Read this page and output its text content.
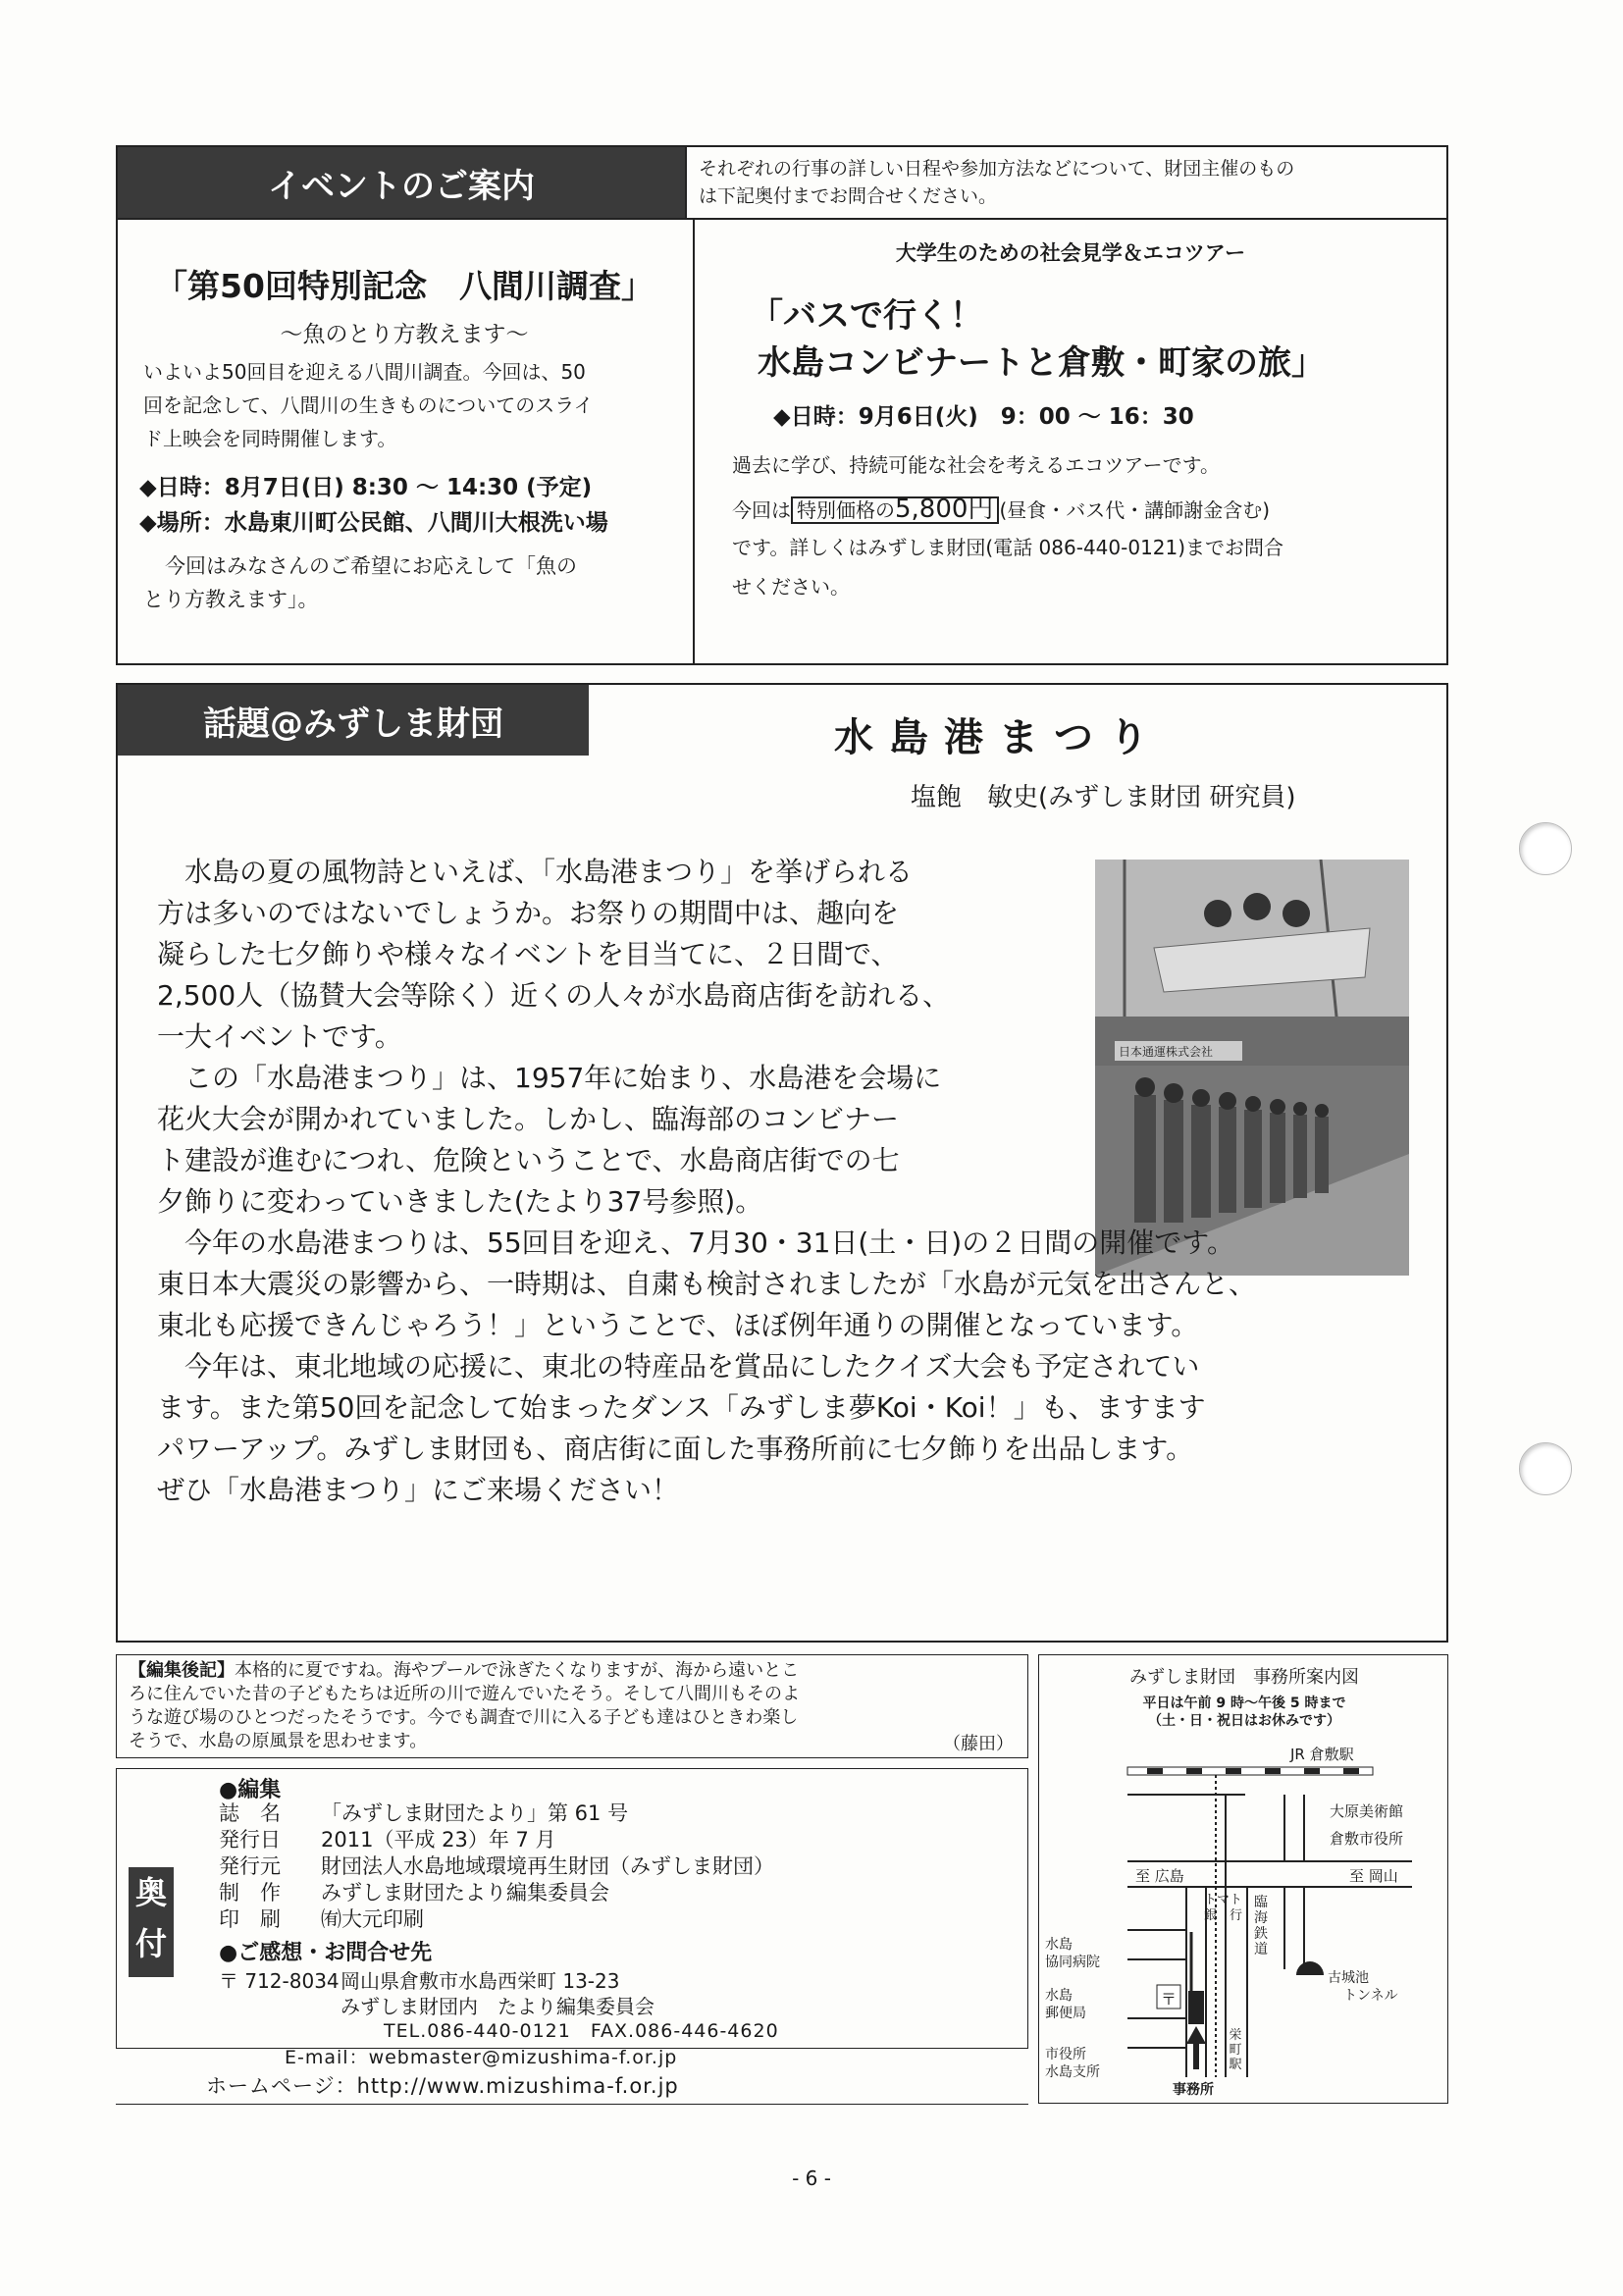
イベントのご案内	それぞれの行事の詳しい日程や参加方法などについて、財団主催のもの
は下記奥付までお問合せください。
「第50回特別記念　八間川調査」
～魚のとり方教えます～
いよいよ50回目を迎える八間川調査。今回は、50
回を記念して、八間川の生きものについてのスライ
ド上映会を同時開催します。
◆日時：8月7日(日) 8:30 ～ 14:30 (予定)
◆場所：水島東川町公民館、八間川大根洗い場
今回はみなさんのご希望にお応えして「魚の
とり方教えます」。
大学生のための社会見学＆エコツアー
「バスで行く！
水島コンビナートと倉敷・町家の旅」
◆日時：9月6日(火)　9：00 ～ 16：30
過去に学び、持続可能な社会を考えるエコツアーです。
今回は 特別価格の5,800円 (昼食・バス代・講師謝金含む)
です。詳しくはみずしま財団(電話 086-440-0121)までお問合
せください。
話題@みずしま財団	水島港まつり
塩飽　敏史(みずしま財団 研究員)
水島の夏の風物詩といえば、「水島港まつり」を挙げられる
方は多いのではないでしょうか。お祭りの期間中は、趣向を
凝らした七夕飾りや様々なイベントを目当てに、２日間で、
2,500人（協賛大会等除く）近くの人々が水島商店街を訪れる、
一大イベントです。
この「水島港まつり」は、1957年に始まり、水島港を会場に
花火大会が開かれていました。しかし、臨海部のコンビナー
ト建設が進むにつれ、危険ということで、水島商店街での七
夕飾りに変わっていきました(たより37号参照)。
日本通運株式会社
今年の水島港まつりは、55回目を迎え、7月30・31日(土・日)の２日間の開催です。
東日本大震災の影響から、一時期は、自粛も検討されましたが「水島が元気を出さんと、
東北も応援できんじゃろう！」ということで、ほぼ例年通りの開催となっています。
今年は、東北地域の応援に、東北の特産品を賞品にしたクイズ大会も予定されてい
ます。また第50回を記念して始まったダンス「みずしま夢Koi・Koi！」も、ますます
パワーアップ。みずしま財団も、商店街に面した事務所前に七夕飾りを出品します。
ぜひ「水島港まつり」にご来場ください！
【編集後記】本格的に夏ですね。海やプールで泳ぎたくなりますが、海から遠いとこ
ろに住んでいた昔の子どもたちは近所の川で遊んでいたそう。そして八間川もそのよ
うな遊び場のひとつだったそうです。今でも調査で川に入る子ども達はひときわ楽し
そうで、水島の原風景を思わせます。	（藤田）
奥
付
●編集
誌　名 「みずしま財団たより」第 61 号
発行日 2011（平成 23）年 7 月
発行元 財団法人水島地域環境再生財団（みずしま財団）
制　作 みずしま財団たより編集委員会
印　刷 ㈲大元印刷
●ご感想・お問合せ先
〒 712-8034 岡山県倉敷市水島西栄町 13-23
みずしま財団内　たより編集委員会
TEL.086-440-0121　FAX.086-446-4620
E-mail：webmaster@mizushima-f.or.jp
ホームページ：http://www.mizushima-f.or.jp
みずしま財団　事務所案内図
平日は午前 9 時～午後 5 時まで
（土・日・祝日はお休みです）
JR 倉敷駅
大原美術館
倉敷市役所
至 広島	至 岡山
臨
海
鉄
道
トマト
銀　行
水島
協同病院
古城池
トンネル
水島
郵便局
〒
市役所
水島支所
栄
町
駅
事務所
- 6 -
